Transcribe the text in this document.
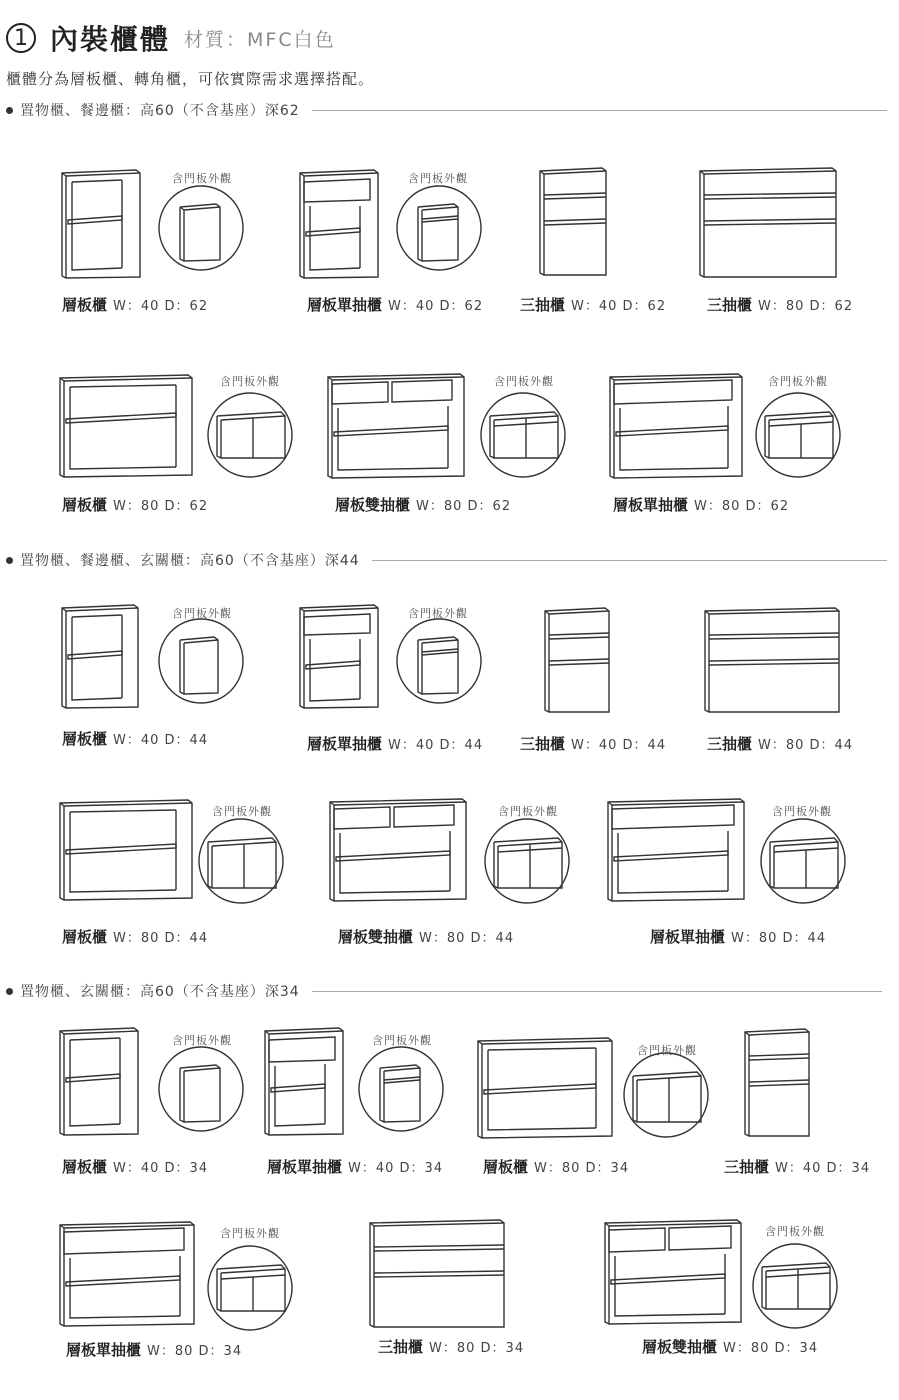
1 內裝櫃體 材質：MFC白色
櫃體分為層板櫃、轉角櫃，可依實際需求選擇搭配。
置物櫃、餐邊櫃：高60（不含基座）深62
置物櫃、餐邊櫃、玄關櫃：高60（不含基座）深44
置物櫃、玄關櫃：高60（不含基座）深34
含門板外觀
層板櫃 W：40 D：62
含門板外觀
層板單抽櫃 W：40 D：62 三抽櫃 W：40 D：62	三抽櫃 W：80 D：62
含門板外觀
層板櫃 W：80 D：62
含門板外觀
層板雙抽櫃 W：80 D：62
含門板外觀
層板單抽櫃 W：80 D：62
含門板外觀
層板櫃 W：40 D：44
含門板外觀
層板單抽櫃 W：40 D：44 三抽櫃 W：40 D：44	三抽櫃 W：80 D：44
含門板外觀
層板櫃 W：80 D：44
含門板外觀
層板雙抽櫃 W：80 D：44
含門板外觀
層板單抽櫃 W：80 D：44
含門板外觀
層板櫃 W：40 D：34
含門板外觀
層板單抽櫃 W：40 D：34
含門板外觀
層板櫃 W：80 D：34	三抽櫃 W：40 D：34
含門板外觀
層板單抽櫃 W：80 D：34	三抽櫃 W：80 D：34
含門板外觀
層板雙抽櫃 W：80 D：34
